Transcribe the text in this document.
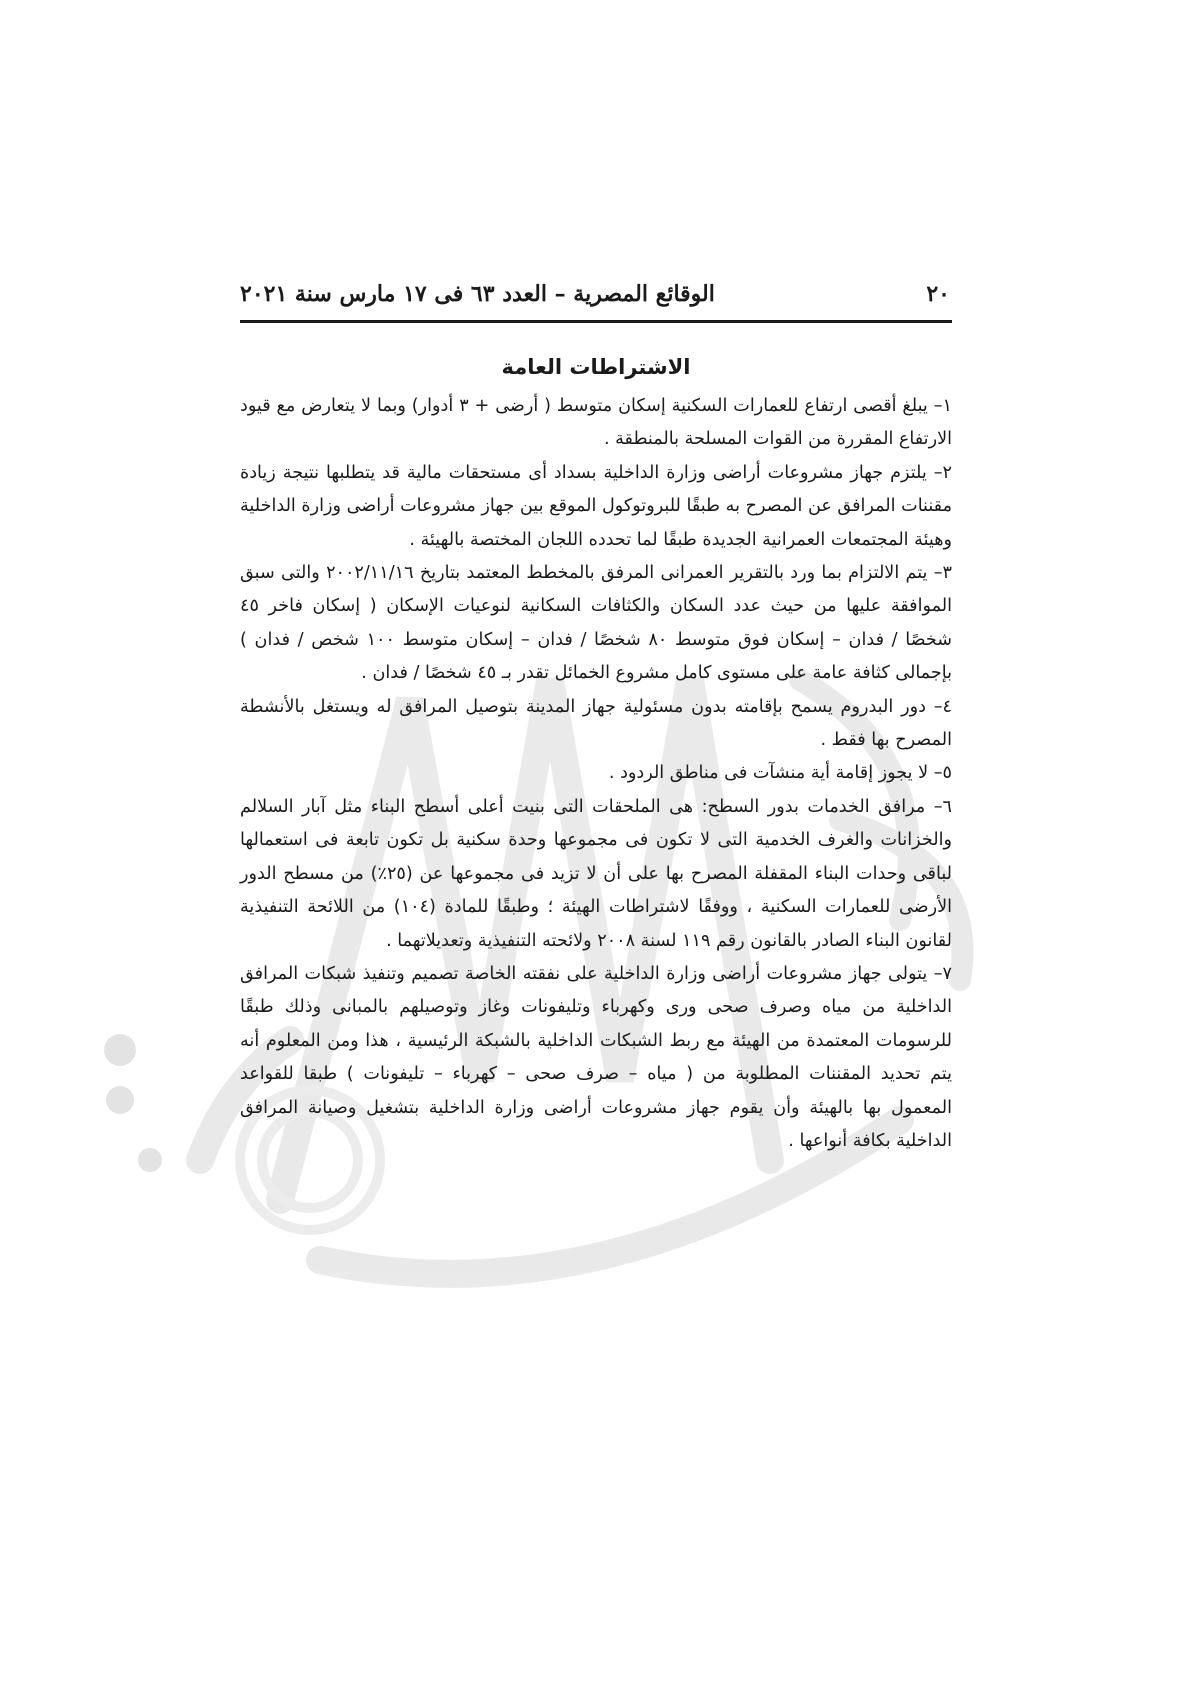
٢٠
الوقائع المصرية – العدد ٦٣ فى ١٧ مارس سنة ٢٠٢١
الاشتراطات العامة

١– يبلغ أقصى ارتفاع للعمارات السكنية إسكان متوسط ( أرضى + ٣ أدوار) وبما لا يتعارض مع قيود الارتفاع المقررة من القوات المسلحة بالمنطقة .

٢– يلتزم جهاز مشروعات أراضى وزارة الداخلية بسداد أى مستحقات مالية قد يتطلبها نتيجة زيادة مقننات المرافق عن المصرح به طبقًا للبروتوكول الموقع بين جهاز مشروعات أراضى وزارة الداخلية وهيئة المجتمعات العمرانية الجديدة طبقًا لما تحدده اللجان المختصة بالهيئة .

٣– يتم الالتزام بما ورد بالتقرير العمرانى المرفق بالمخطط المعتمد بتاريخ ٢٠٠٢/١١/١٦ والتى سبق الموافقة عليها من حيث عدد السكان والكثافات السكانية لنوعيات الإسكان ( إسكان فاخر ٤٥ شخصًا / فدان – إسكان فوق متوسط ٨٠ شخصًا / فدان – إسكان متوسط ١٠٠ شخص / فدان ) بإجمالى كثافة عامة على مستوى كامل مشروع الخمائل تقدر بـ ٤٥ شخصًا / فدان .

٤– دور البدروم يسمح بإقامته بدون مسئولية جهاز المدينة بتوصيل المرافق له ويستغل بالأنشطة المصرح بها فقط .

٥– لا يجوز إقامة أية منشآت فى مناطق الردود .

٦– مرافق الخدمات بدور السطح: هى الملحقات التى بنيت أعلى أسطح البناء مثل آبار السلالم والخزانات والغرف الخدمية التى لا تكون فى مجموعها وحدة سكنية بل تكون تابعة فى استعمالها لباقى وحدات البناء المقفلة المصرح بها على أن لا تزيد فى مجموعها عن (٢٥٪) من مسطح الدور الأرضى للعمارات السكنية ، ووفقًا لاشتراطات الهيئة ؛ وطبقًا للمادة (١٠٤) من اللائحة التنفيذية لقانون البناء الصادر بالقانون رقم ١١٩ لسنة ٢٠٠٨ ولائحته التنفيذية وتعديلاتهما .

٧– يتولى جهاز مشروعات أراضى وزارة الداخلية على نفقته الخاصة تصميم وتنفيذ شبكات المرافق الداخلية من مياه وصرف صحى ورى وكهرباء وتليفونات وغاز وتوصيلهم بالمبانى وذلك طبقًا للرسومات المعتمدة من الهيئة مع ربط الشبكات الداخلية بالشبكة الرئيسية ، هذا ومن المعلوم أنه يتم تحديد المقننات المطلوبة من ( مياه – صرف صحى – كهرباء – تليفونات ) طبقا للقواعد المعمول بها بالهيئة وأن يقوم جهاز مشروعات أراضى وزارة الداخلية بتشغيل وصيانة المرافق الداخلية بكافة أنواعها .
